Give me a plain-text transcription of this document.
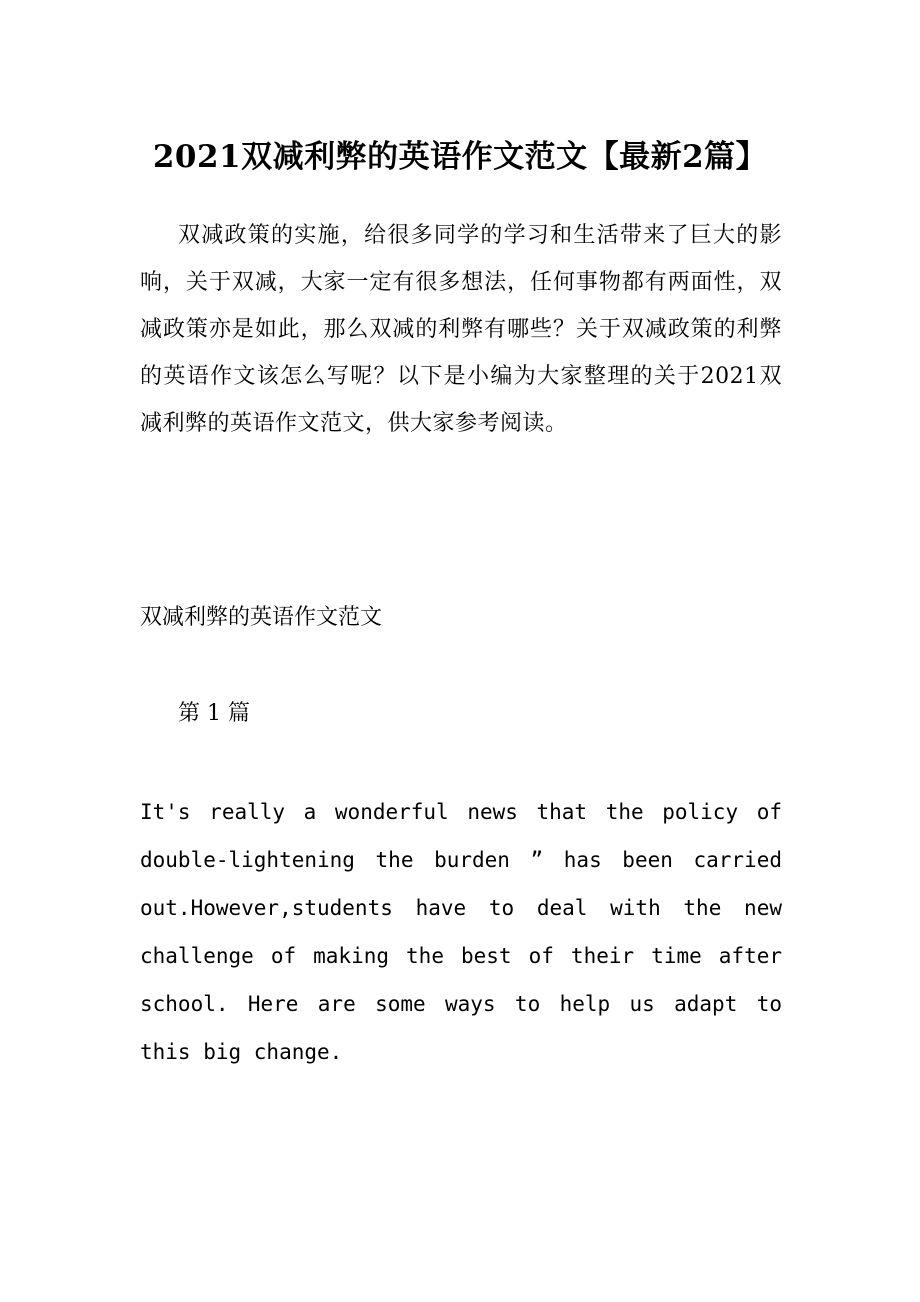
2021双减利弊的英语作文范文【最新2篇】

双减政策的实施，给很多同学的学习和生活带来了巨大的影响，关于双减，大家一定有很多想法，任何事物都有两面性，双减政策亦是如此，那么双减的利弊有哪些？关于双减政策的利弊的英语作文该怎么写呢？以下是小编为大家整理的关于2021双减利弊的英语作文范文，供大家参考阅读。

双减利弊的英语作文范文

第 1 篇

It's really a wonderful news that the policy of double-lightening the burden ” has been carried out.However,students have to deal with the new challenge of making the best of their time after school. Here are some ways to help us adapt to this big change.
